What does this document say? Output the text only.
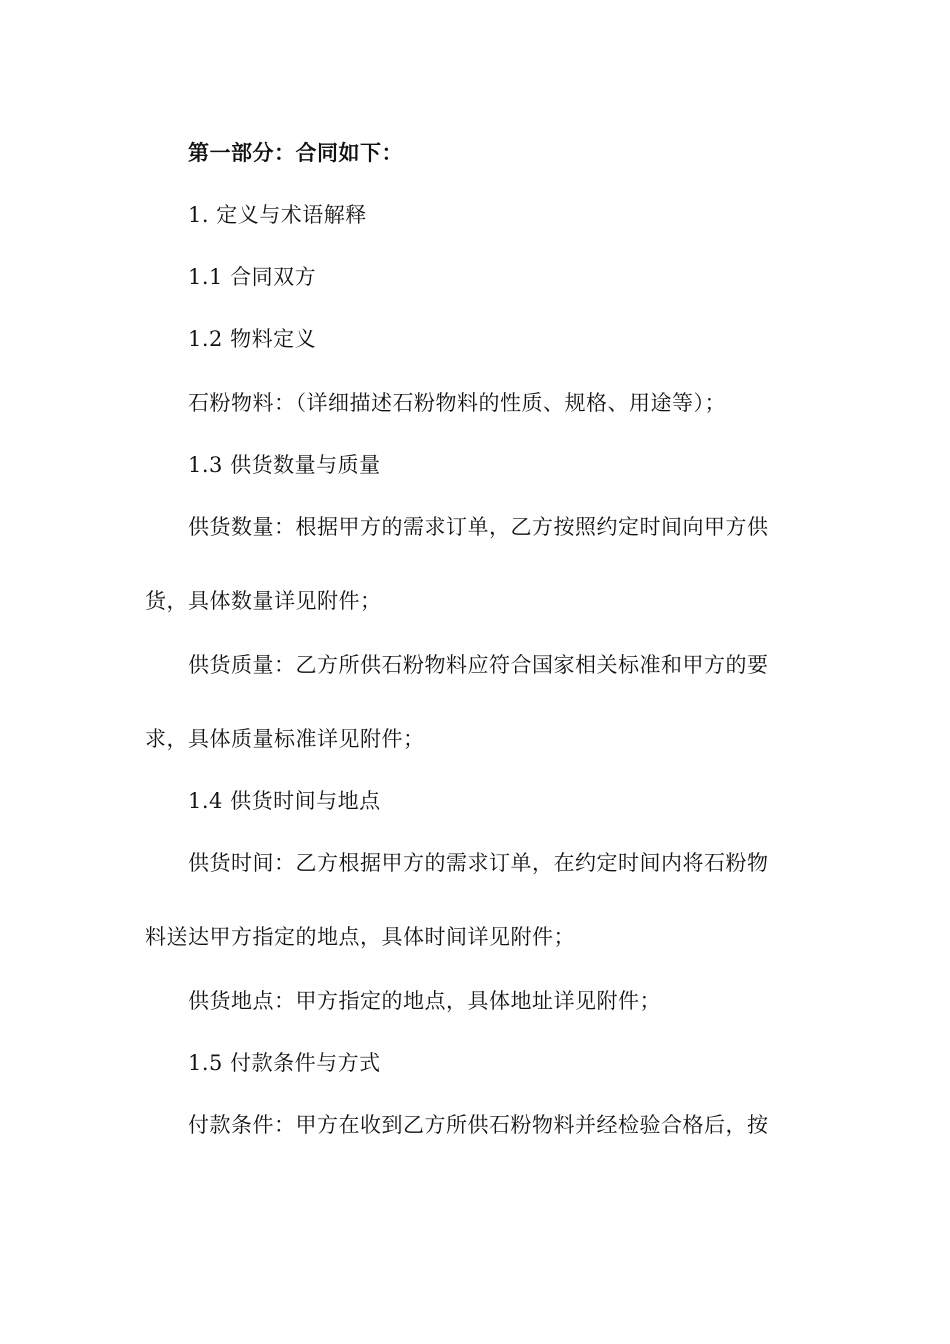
第一部分：合同如下：

1. 定义与术语解释

1.1 合同双方

1.2 物料定义

石粉物料：（详细描述石粉物料的性质、规格、用途等）；

1.3 供货数量与质量

供货数量：根据甲方的需求订单，乙方按照约定时间向甲方供

货，具体数量详见附件；

供货质量：乙方所供石粉物料应符合国家相关标准和甲方的要

求，具体质量标准详见附件；

1.4 供货时间与地点

供货时间：乙方根据甲方的需求订单，在约定时间内将石粉物

料送达甲方指定的地点，具体时间详见附件；

供货地点：甲方指定的地点，具体地址详见附件；

1.5 付款条件与方式

付款条件：甲方在收到乙方所供石粉物料并经检验合格后，按
